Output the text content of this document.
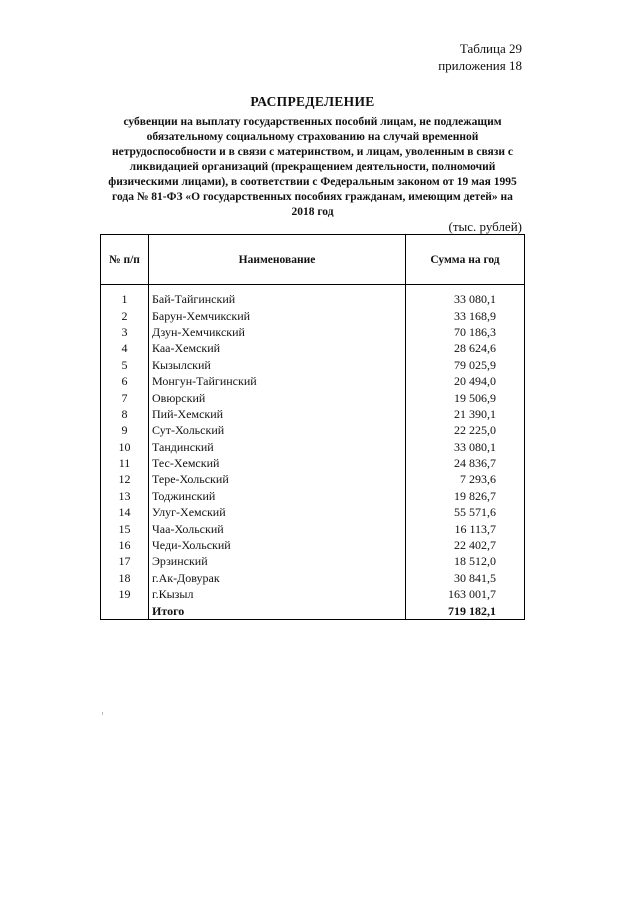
Таблица 29
приложения 18
РАСПРЕДЕЛЕНИЕ
субвенции на выплату государственных пособий лицам, не подлежащим обязательному социальному страхованию на случай временной нетрудоспособности и в связи с материнством, и лицам, уволенным в связи с ликвидацией организаций (прекращением деятельности, полномочий физическими лицами), в соответствии с Федеральным законом от 19 мая 1995 года № 81-ФЗ «О государственных пособиях гражданам, имеющим детей» на 2018 год
(тыс. рублей)
№ п/п	Наименование	Сумма на год

1	Бай-Тайгинский	33 080,1
2	Барун-Хемчикский	33 168,9
3	Дзун-Хемчикский	70 186,3
4	Каа-Хемский	28 624,6
5	Кызылский	79 025,9
6	Монгун-Тайгинский	20 494,0
7	Овюрский	19 506,9
8	Пий-Хемский	21 390,1
9	Сут-Хольский	22 225,0
10	Тандинский	33 080,1
11	Тес-Хемский	24 836,7
12	Тере-Хольский	7 293,6
13	Тоджинский	19 826,7
14	Улуг-Хемский	55 571,6
15	Чаа-Хольский	16 113,7
16	Чеди-Хольский	22 402,7
17	Эрзинский	18 512,0
18	г.Ак-Довурак	30 841,5
19	г.Кызыл	163 001,7
	Итого	719 182,1
